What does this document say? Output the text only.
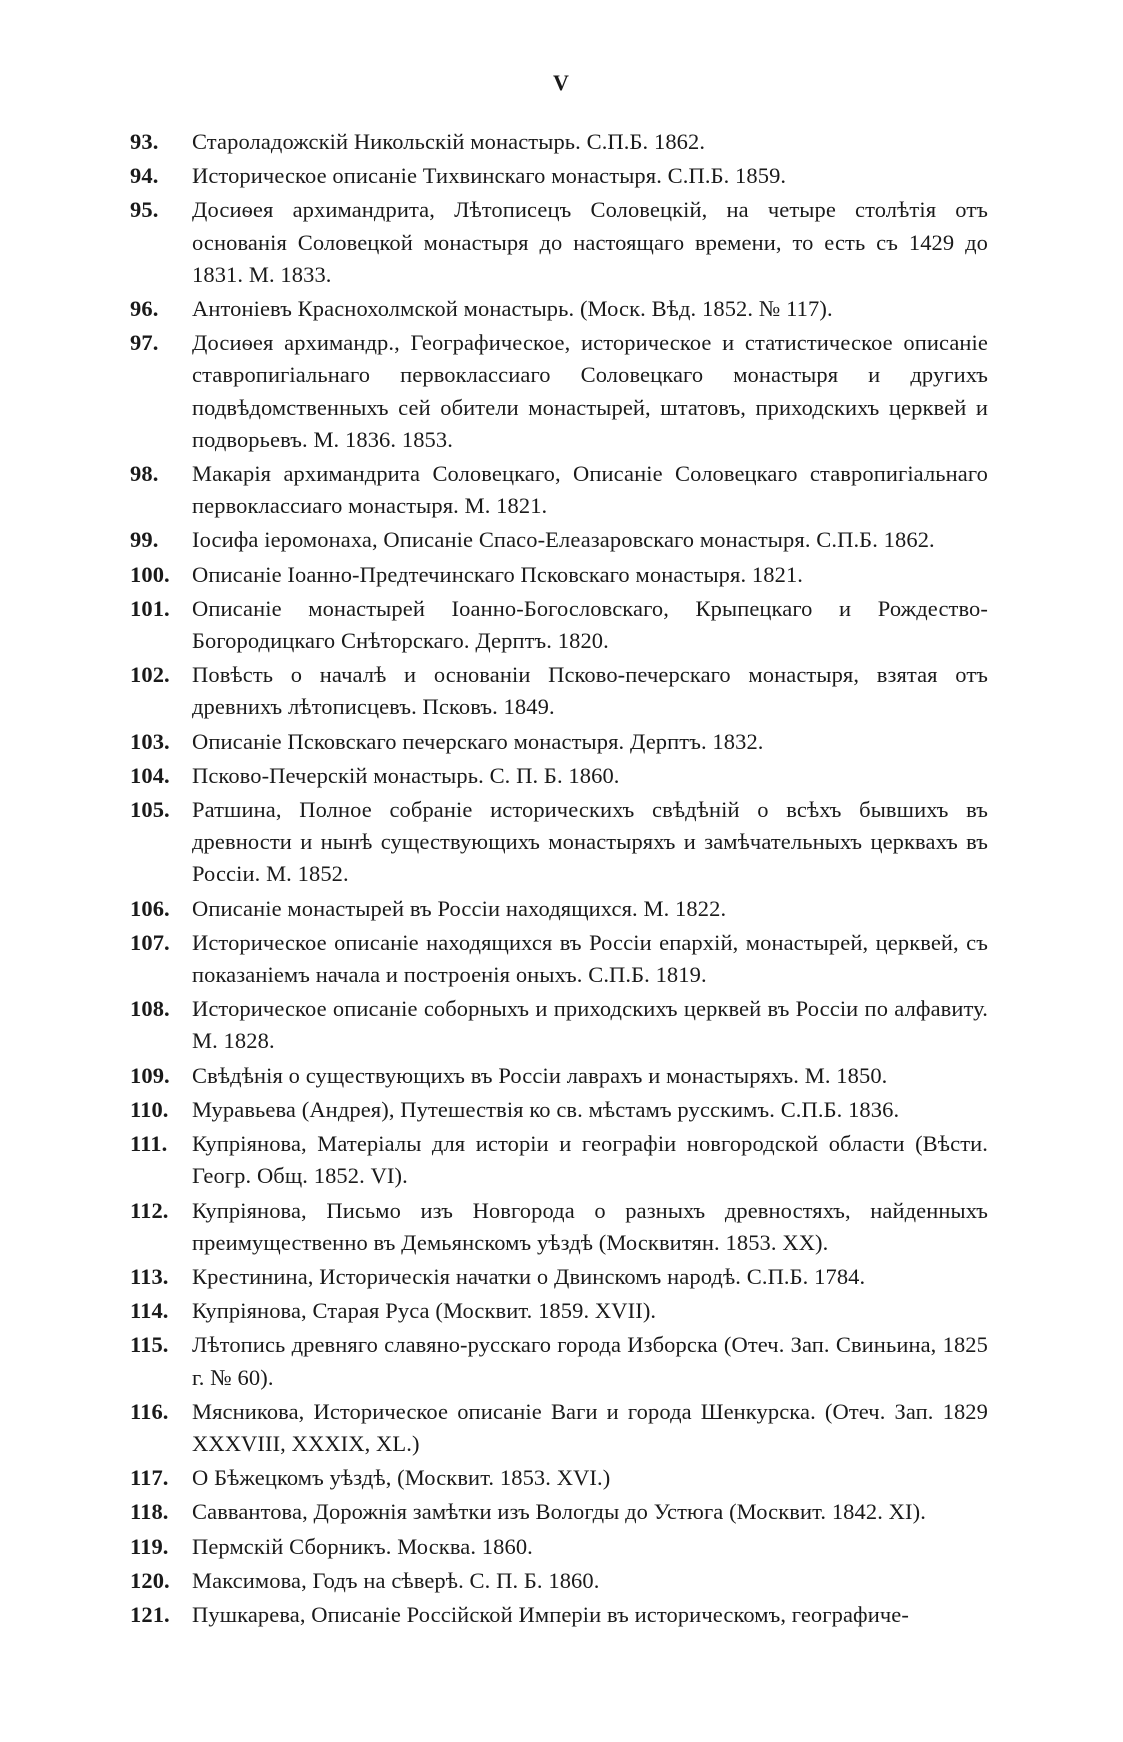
V
93. Староладожскій Никольскій монастырь. С.П.Б. 1862.
94. Историческое описаніе Тихвинскаго монастыря. С.П.Б. 1859.
95. Досиѳея архимандрита, Лѣтописецъ Соловецкій, на четыре столѣтія отъ основанія Соловецкой монастыря до настоящаго времени, то есть съ 1429 до 1831. М. 1833.
96. Антоніевъ Краснохолмской монастырь. (Моск. Вѣд. 1852. № 117).
97. Досиѳея архимандр., Географическое, историческое и статистическое описаніе ставропигіальнаго первоклассиаго Соловецкаго монастыря и другихъ подвѣдомственныхъ сей обители монастырей, штатовъ, приходскихъ церквей и подворьевъ. М. 1836. 1853.
98. Макарія архимандрита Соловецкаго, Описаніе Соловецкаго ставропигіальнаго первоклассиаго монастыря. М. 1821.
99. Іосифа іеромонаха, Описаніе Спасо-Елеазаровскаго монастыря. С.П.Б. 1862.
100. Описаніе Іоанно-Предтечинскаго Псковскаго монастыря. 1821.
101. Описаніе монастырей Іоанно-Богословскаго, Крыпецкаго и Рождество-Богородицкаго Снѣторскаго. Дерптъ. 1820.
102. Повѣсть о началѣ и основаніи Псково-печерскаго монастыря, взятая отъ древнихъ лѣтописцевъ. Псковъ. 1849.
103. Описаніе Псковскаго печерскаго монастыря. Дерптъ. 1832.
104. Псково-Печерскій монастырь. С. П. Б. 1860.
105. Ратшина, Полное собраніе историческихъ свѣдѣній о всѣхъ бывшихъ въ древности и нынѣ существующихъ монастыряхъ и замѣчательныхъ церквахъ въ Россіи. М. 1852.
106. Описаніе монастырей въ Россіи находящихся. М. 1822.
107. Историческое описаніе находящихся въ Россіи епархій, монастырей, церквей, съ показаніемъ начала и построенія оныхъ. С.П.Б. 1819.
108. Историческое описаніе соборныхъ и приходскихъ церквей въ Россіи по алфавиту. М. 1828.
109. Свѣдѣнія о существующихъ въ Россіи лаврахъ и монастыряхъ. М. 1850.
110. Муравьева (Андрея), Путешествія ко св. мѣстамъ русскимъ. С.П.Б. 1836.
111. Купріянова, Матеріалы для исторіи и географіи новгородской области (Вѣсти. Геогр. Общ. 1852. VI).
112. Купріянова, Письмо изъ Новгорода о разныхъ древностяхъ, найденныхъ преимущественно въ Демьянскомъ уѣздѣ (Москвитян. 1853. XX).
113. Крестинина, Историческія начатки о Двинскомъ народѣ. С.П.Б. 1784.
114. Купріянова, Старая Руса (Москвит. 1859. XVII).
115. Лѣтопись древняго славяно-русскаго города Изборска (Отеч. Зап. Свиньина, 1825 г. № 60).
116. Мясникова, Историческое описаніе Ваги и города Шенкурска. (Отеч. Зап. 1829 XXXVIII, XXXIX, XL.)
117. О Бѣжецкомъ уѣздѣ, (Москвит. 1853. XVI.)
118. Саввантова, Дорожнія замѣтки изъ Вологды до Устюга (Москвит. 1842. XI).
119. Пермскій Сборникъ. Москва. 1860.
120. Максимова, Годъ на сѣверѣ. С. П. Б. 1860.
121. Пушкарева, Описаніе Россійской Имперіи въ историческомъ, географиче-
